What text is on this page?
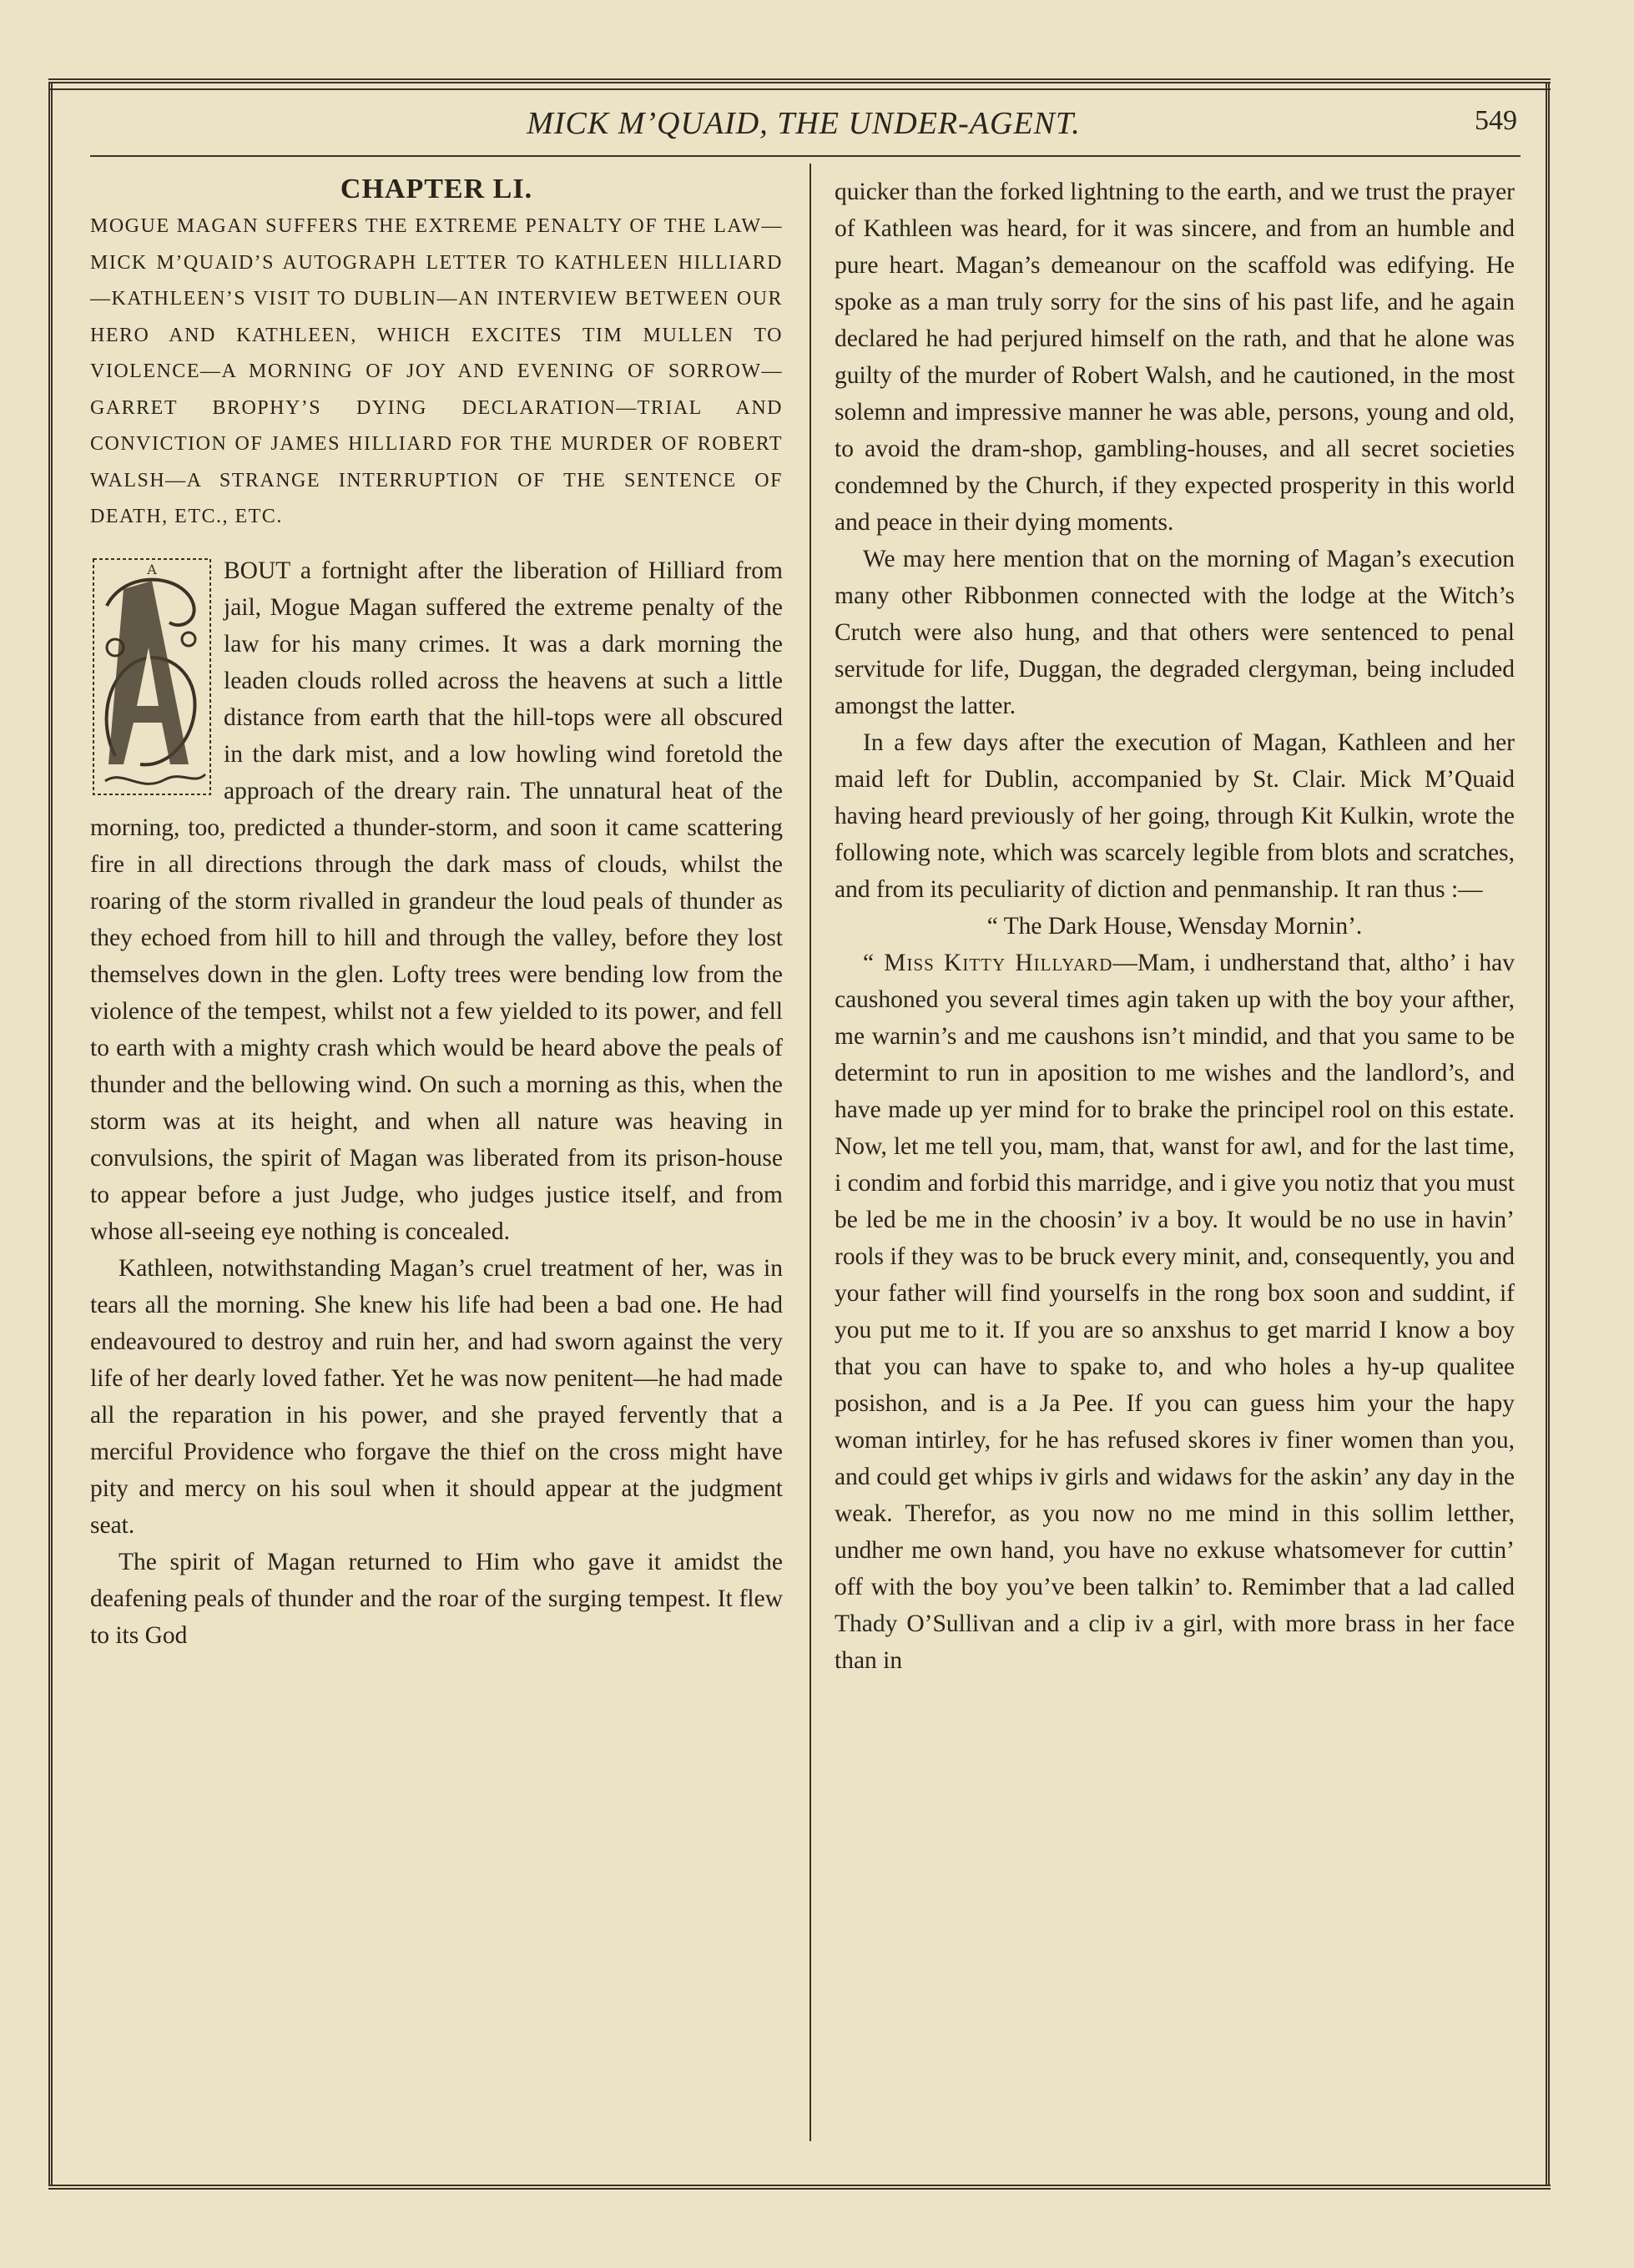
MICK M’QUAID, THE UNDER-AGENT.	549
CHAPTER LI.

MOGUE MAGAN SUFFERS THE EXTREME PENALTY OF THE LAW—MICK M’QUAID’S AUTOGRAPH LETTER TO KATHLEEN HILLIARD—KATHLEEN’S VISIT TO DUBLIN—AN INTERVIEW BETWEEN OUR HERO AND KATHLEEN, WHICH EXCITES TIM MULLEN TO VIOLENCE—A MORNING OF JOY AND EVENING OF SORROW—GARRET BROPHY’S DYING DECLARATION—TRIAL AND CONVICTION OF JAMES HILLIARD FOR THE MURDER OF ROBERT WALSH—A STRANGE INTERRUPTION OF THE SENTENCE OF DEATH, ETC., ETC.

A	BOUT a fortnight after the liberation of Hilliard from jail, Mogue Magan suffered the extreme penalty of the law for his many crimes. It was a dark morning the leaden clouds rolled across the heavens at such a little distance from earth that the hill-tops were all obscured in the dark mist, and a low howling wind foretold the approach of the dreary rain. The unnatural heat of the morning, too, predicted a thunder-storm, and soon it came scattering fire in all directions through the dark mass of clouds, whilst the roaring of the storm rivalled in grandeur the loud peals of thunder as they echoed from hill to hill and through the valley, before they lost themselves down in the glen. Lofty trees were bending low from the violence of the tempest, whilst not a few yielded to its power, and fell to earth with a mighty crash which would be heard above the peals of thunder and the bellowing wind. On such a morning as this, when the storm was at its height, and when all nature was heaving in convulsions, the spirit of Magan was liberated from its prison-house to appear before a just Judge, who judges justice itself, and from whose all-seeing eye nothing is concealed.

Kathleen, notwithstanding Magan’s cruel treatment of her, was in tears all the morning. She knew his life had been a bad one. He had endeavoured to destroy and ruin her, and had sworn against the very life of her dearly loved father. Yet he was now penitent—he had made all the reparation in his power, and she prayed fervently that a merciful Providence who forgave the thief on the cross might have pity and mercy on his soul when it should appear at the judgment seat.

The spirit of Magan returned to Him who gave it amidst the deafening peals of thunder and the roar of the surging tempest. It flew to its God

quicker than the forked lightning to the earth, and we trust the prayer of Kathleen was heard, for it was sincere, and from an humble and pure heart. Magan’s demeanour on the scaffold was edifying. He spoke as a man truly sorry for the sins of his past life, and he again declared he had perjured himself on the rath, and that he alone was guilty of the murder of Robert Walsh, and he cautioned, in the most solemn and impressive manner he was able, persons, young and old, to avoid the dram-shop, gambling-houses, and all secret societies condemned by the Church, if they expected prosperity in this world and peace in their dying moments.

We may here mention that on the morning of Magan’s execution many other Ribbonmen connected with the lodge at the Witch’s Crutch were also hung, and that others were sentenced to penal servitude for life, Duggan, the degraded clergyman, being included amongst the latter.

In a few days after the execution of Magan, Kathleen and her maid left for Dublin, accompanied by St. Clair. Mick M’Quaid having heard previously of her going, through Kit Kulkin, wrote the following note, which was scarcely legible from blots and scratches, and from its peculiarity of diction and penmanship. It ran thus :—

“ The Dark House, Wensday Mornin’.

“ Miss Kitty Hillyard—Mam, i undherstand that, altho’ i hav caushoned you several times agin taken up with the boy your afther, me warnin’s and me caushons isn’t mindid, and that you same to be determint to run in aposition to me wishes and the landlord’s, and have made up yer mind for to brake the principel rool on this estate. Now, let me tell you, mam, that, wanst for awl, and for the last time, i condim and forbid this marridge, and i give you notiz that you must be led be me in the choosin’ iv a boy. It would be no use in havin’ rools if they was to be bruck every minit, and, consequently, you and your father will find yourselfs in the rong box soon and suddint, if you put me to it. If you are so anxshus to get marrid I know a boy that you can have to spake to, and who holes a hy-up qualitee posishon, and is a Ja Pee. If you can guess him your the hapy woman intirley, for he has refused skores iv finer women than you, and could get whips iv girls and widaws for the askin’ any day in the weak. Therefor, as you now no me mind in this sollim letther, undher me own hand, you have no exkuse whatsomever for cuttin’ off with the boy you’ve been talkin’ to. Remimber that a lad called Thady O’Sullivan and a clip iv a girl, with more brass in her face than in
